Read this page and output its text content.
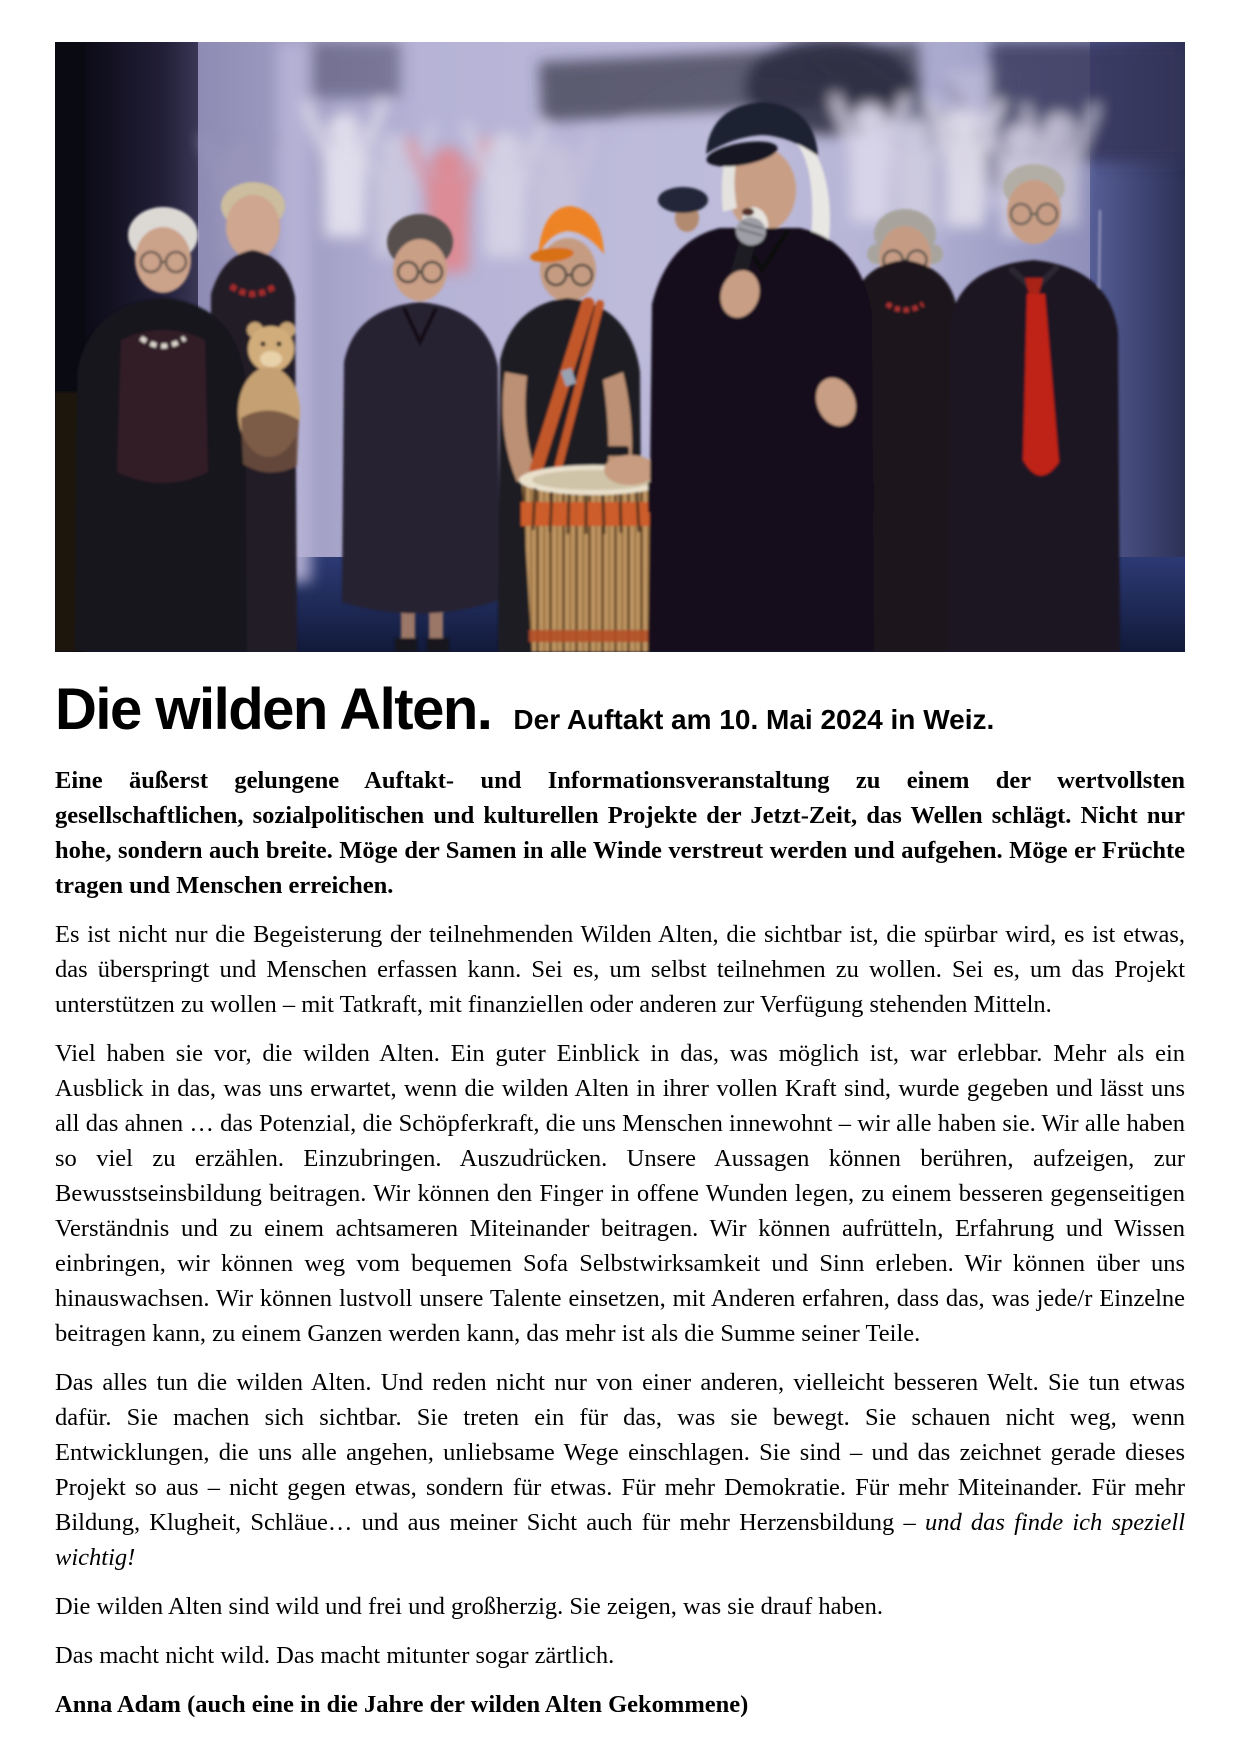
Die wilden Alten. Der Auftakt am 10. Mai 2024 in Weiz.

Eine äußerst gelungene Auftakt- und Informationsveranstaltung zu einem der wertvollsten gesellschaftlichen, sozialpolitischen und kulturellen Projekte der Jetzt-Zeit, das Wellen schlägt. Nicht nur hohe, sondern auch breite. Möge der Samen in alle Winde verstreut werden und aufgehen. Möge er Früchte tragen und Menschen erreichen.

Es ist nicht nur die Begeisterung der teilnehmenden Wilden Alten, die sichtbar ist, die spürbar wird, es ist etwas, das überspringt und Menschen erfassen kann. Sei es, um selbst teilnehmen zu wollen. Sei es, um das Projekt unterstützen zu wollen – mit Tatkraft, mit finanziellen oder anderen zur Verfügung stehenden Mitteln.

Viel haben sie vor, die wilden Alten. Ein guter Einblick in das, was möglich ist, war erlebbar. Mehr als ein Ausblick in das, was uns erwartet, wenn die wilden Alten in ihrer vollen Kraft sind, wurde gegeben und lässt uns all das ahnen … das Potenzial, die Schöpferkraft, die uns Menschen innewohnt – wir alle haben sie. Wir alle haben so viel zu erzählen. Einzubringen. Auszudrücken. Unsere Aussagen können berühren, aufzeigen, zur Bewusstseinsbildung beitragen. Wir können den Finger in offene Wunden legen, zu einem besseren gegenseitigen Verständnis und zu einem achtsameren Miteinander beitragen. Wir können aufrütteln, Erfahrung und Wissen einbringen, wir können weg vom bequemen Sofa Selbstwirksamkeit und Sinn erleben. Wir können über uns hinauswachsen. Wir können lustvoll unsere Talente einsetzen, mit Anderen erfahren, dass das, was jede/r Einzelne beitragen kann, zu einem Ganzen werden kann, das mehr ist als die Summe seiner Teile.

Das alles tun die wilden Alten. Und reden nicht nur von einer anderen, vielleicht besseren Welt. Sie tun etwas dafür. Sie machen sich sichtbar. Sie treten ein für das, was sie bewegt. Sie schauen nicht weg, wenn Entwicklungen, die uns alle angehen, unliebsame Wege einschlagen. Sie sind – und das zeichnet gerade dieses Projekt so aus – nicht gegen etwas, sondern für etwas. Für mehr Demokratie. Für mehr Miteinander. Für mehr Bildung, Klugheit, Schläue… und aus meiner Sicht auch für mehr Herzensbildung – und das finde ich speziell wichtig!

Die wilden Alten sind wild und frei und großherzig. Sie zeigen, was sie drauf haben.

Das macht nicht wild. Das macht mitunter sogar zärtlich.

Anna Adam (auch eine in die Jahre der wilden Alten Gekommene)
